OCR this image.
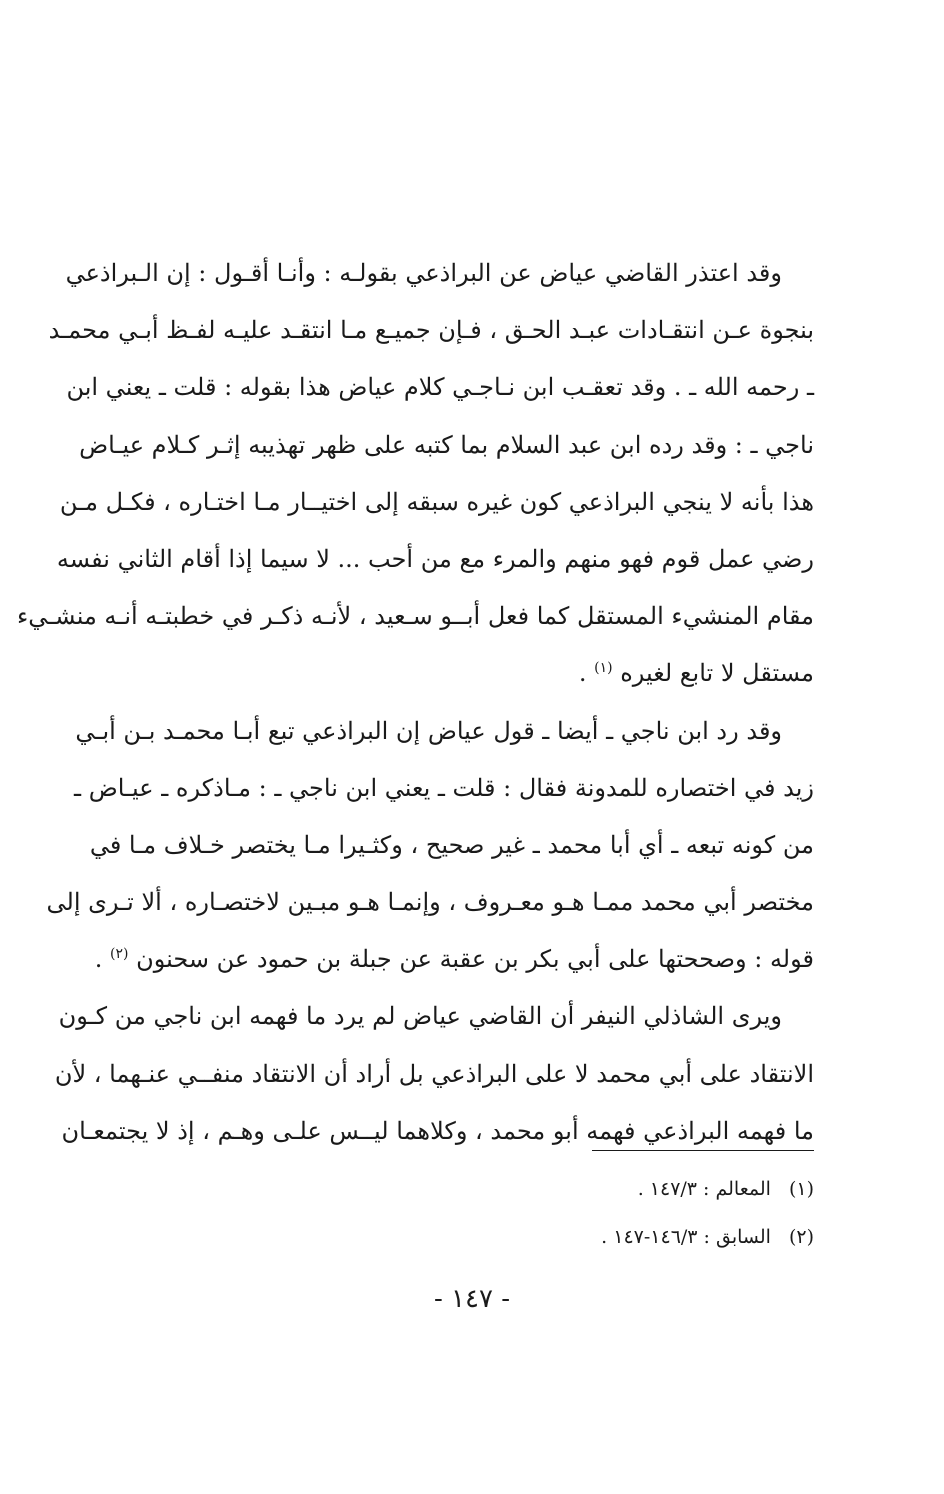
وقد اعتذر القاضي عياض عن البراذعي بقولـه : وأنـا أقـول : إن الـبراذعي
بنجوة عـن انتقـادات عبـد الحـق ، فـإن جميـع مـا انتقـد عليـه لفـظ أبـي محمـد
ـ رحمه الله ـ . وقد تعقـب ابن نـاجـي كلام عياض هذا بقوله : قلت ـ يعني ابن
ناجي ـ : وقد رده ابن عبد السلام بما كتبه على ظهر تهذيبه إثـر كـلام عيـاض
هذا بأنه لا ينجي البراذعي كون غيره سبقه إلى اختيــار مـا اختـاره ، فكـل مـن
رضي عمل قوم فهو منهم والمرء مع من أحب ... لا سيما إذا أقام الثاني نفسه
مقام المنشيء المستقل كما فعل أبــو سـعيد ، لأنـه ذكـر في خطبتـه أنـه منشـيء
مستقل لا تابع لغيره $^{(١)}$ .
وقد رد ابن ناجي ـ أيضا ـ قول عياض إن البراذعي تبع أبـا محمـد بـن أبـي
زيد في اختصاره للمدونة فقال : قلت ـ يعني ابن ناجي ـ : مـاذكره ـ عيـاض ـ
من كونه تبعه ـ أي أبا محمد ـ غير صحيح ، وكثـيرا مـا يختصر خـلاف مـا في
مختصر أبي محمد ممـا هـو معـروف ، وإنمـا هـو مبـين لاختصـاره ، ألا تـرى إلى
قوله : وصححتها على أبي بكر بن عقبة عن جبلة بن حمود عن سحنون $^{(٢)}$ .
ويرى الشاذلي النيفر أن القاضي عياض لم يرد ما فهمه ابن ناجي من كـون
الانتقاد على أبي محمد لا على البراذعي بل أراد أن الانتقاد منفــي عنـهما ، لأن
ما فهمه البراذعي فهمه أبو محمد ، وكلاهما ليــس علـى وهـم ، إذ لا يجتمعـان
(١)
المعالم : ١٤٧/٣ .
(٢)
السابق : ١٤٦/٣-١٤٧ .
- ١٤٧ -
